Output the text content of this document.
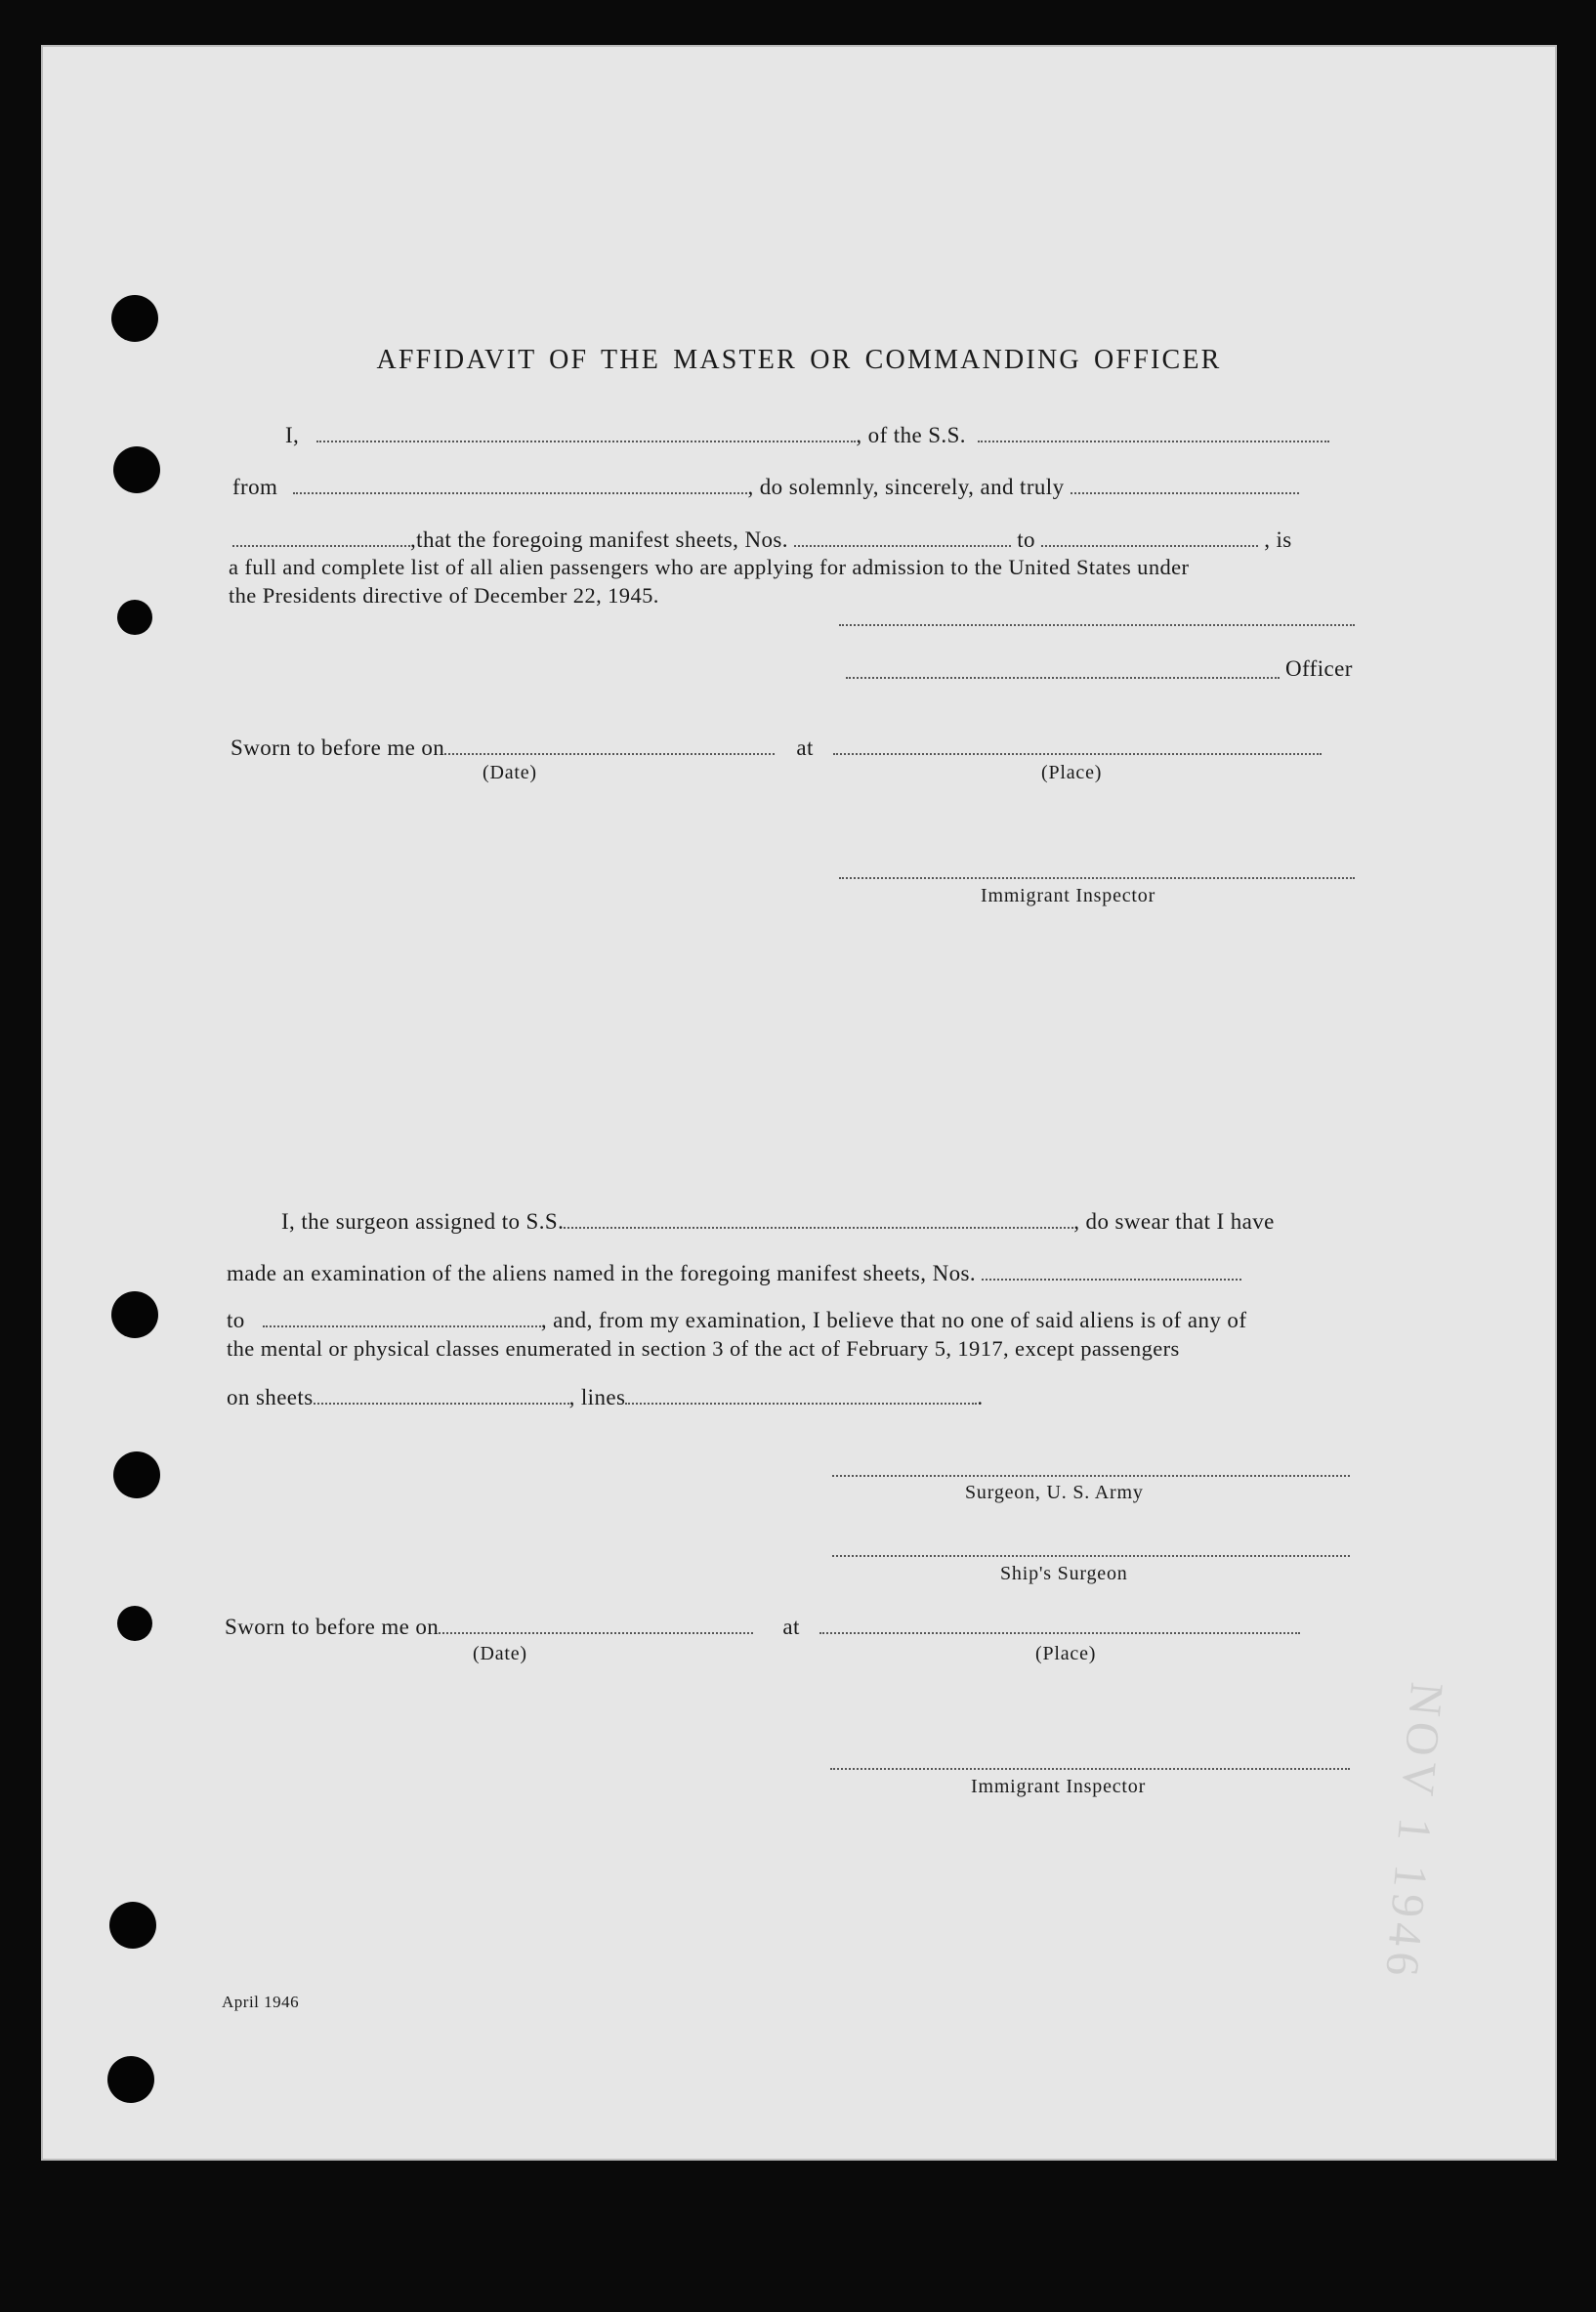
AFFIDAVIT OF THE MASTER OR COMMANDING OFFICER
I,	, of the S.S.
from	, do solemnly, sincerely, and truly
,that the foregoing manifest sheets, Nos.	to	, is
a full and complete list of all alien passengers who are applying for admission to the United States under
the Presidents directive of December 22, 1945.
Officer
Sworn to before me on	at
(Date)	(Place)
Immigrant Inspector
I, the surgeon assigned to S.S.	, do swear that I have
made an examination of the aliens named in the foregoing manifest sheets, Nos.
to	, and, from my examination, I believe that no one of said aliens is of any of
the mental or physical classes enumerated in section 3 of the act of February 5, 1917, except passengers
on sheets	, lines	.
Surgeon, U. S. Army
Ship's Surgeon
Sworn to before me on	at
(Date)	(Place)
Immigrant Inspector
April 1946
NOV 1 1946
